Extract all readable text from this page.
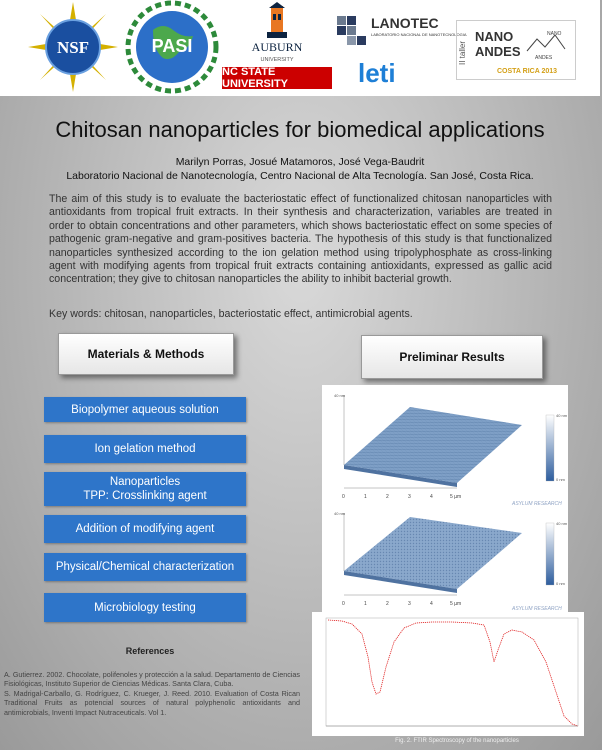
NSF	PASI	AUBURN
UNIVERSITY
NC STATE UNIVERSITY
LANOTEC
LABORATORIO NACIONAL DE NANOTECNOLOGIA
leti
II taller
NANO
ANDES
NANO
ANDES
COSTA RICA 2013
Chitosan nanoparticles for biomedical applications
Marilyn Porras, Josué Matamoros, José Vega-Baudrit
Laboratorio Nacional de Nanotecnología, Centro Nacional de Alta Tecnología. San José, Costa Rica.
The aim of this study is to evaluate the bacteriostatic effect of functionalized chitosan nanoparticles with antioxidants from tropical fruit extracts. In their synthesis and characterization, variables are treated in order to obtain concentrations and other parameters, which shows bacteriostatic effect on some species of pathogenic gram-negative and gram-positives bacteria. The hypothesis of this study is that functionalized nanoparticles synthesized according to the ion gelation method using tripolyphosphate as cross-linking agent with modifying agents from tropical fruit extracts containing antioxidants, expressed as gallic acid concentration; they give to chitosan nanoparticles the ability to inhibit bacterial growth.
Key words: chitosan, nanoparticles, bacteriostatic effect, antimicrobial agents.
Materials & Methods	Preliminar Results
Biopolymer aqueous solution
Ion gelation method
Nanoparticles
TPP: Crosslinking agent
Addition of modifying agent
Physical/Chemical characterization
Microbiology testing
40 nm
0	1	2	3	4	5 µm
40 nm
0 nm
ASYLUM RESEARCH
40 nm
0	1	2	3	4	5 µm
40 nm
0 nm
ASYLUM RESEARCH
Fig. 2. FTIR Spectroscopy of the nanoparticles
References
A. Gutierrez. 2002. Chocolate, polifenoles y protección a la salud. Departamento de Ciencias Fisiológicas, Instituto Superior de Ciencias Médicas. Santa Clara, Cuba.
S. Madrigal-Carballo, G. Rodríguez, C. Krueger, J. Reed. 2010. Evaluation of Costa Rican Traditional Fruits as potencial sources of natural polyphenolic antioxidants and antimicrobials, Inventi Impact Nutraceuticals. Vol 1.
